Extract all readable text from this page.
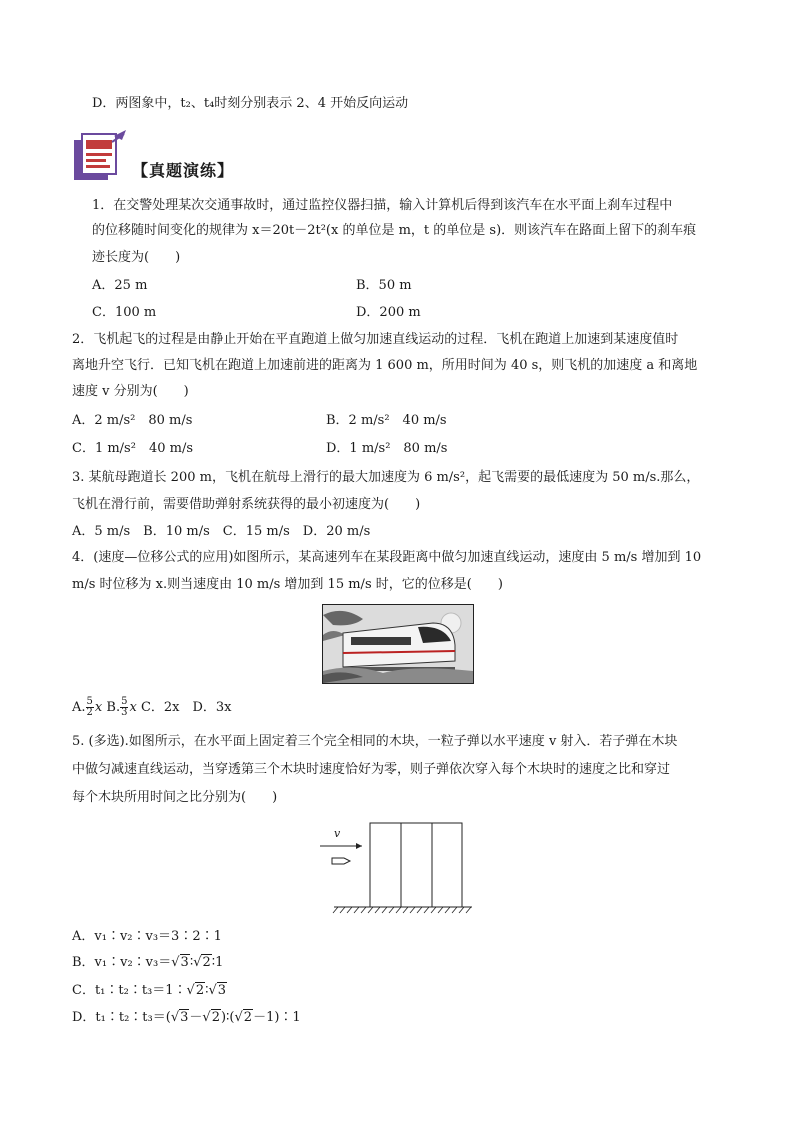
D．两图象中，t₂、t₄时刻分别表示 2、4 开始反向运动
【真题演练】
1．在交警处理某次交通事故时，通过监控仪器扫描，输入计算机后得到该汽车在水平面上刹车过程中
的位移随时间变化的规律为 x＝20t－2t²(x 的单位是 m，t 的单位是 s)．则该汽车在路面上留下的刹车痕
迹长度为(　　)
A．25 m	B．50 m
C．100 m	D．200 m
2．飞机起飞的过程是由静止开始在平直跑道上做匀加速直线运动的过程．飞机在跑道上加速到某速度值时
离地升空飞行．已知飞机在跑道上加速前进的距离为 1 600 m，所用时间为 40 s，则飞机的加速度 a 和离地
速度 v 分别为(　　)
A．2 m/s²　80 m/s	B．2 m/s²　40 m/s
C．1 m/s²　40 m/s	D．1 m/s²　80 m/s
3. 某航母跑道长 200 m，飞机在航母上滑行的最大加速度为 6 m/s²，起飞需要的最低速度为 50 m/s.那么，
飞机在滑行前，需要借助弹射系统获得的最小初速度为(　　)
A．5 m/s　B．10 m/s　C．15 m/s　D．20 m/s
4．(速度—位移公式的应用)如图所示，某高速列车在某段距离中做匀加速直线运动，速度由 5 m/s 增加到 10
m/s 时位移为 x.则当速度由 10 m/s 增加到 15 m/s 时，它的位移是(　　)
A. $\frac{5}{2}$ x B. $\frac{5}{3}$ x C．2x　D．3x
5. (多选).如图所示，在水平面上固定着三个完全相同的木块，一粒子弹以水平速度 v 射入．若子弹在木块
中做匀减速直线运动，当穿透第三个木块时速度恰好为零，则子弹依次穿入每个木块时的速度之比和穿过
每个木块所用时间之比分别为(　　)
v
A．v₁∶v₂∶v₃＝3∶2∶1
B．v₁∶v₂∶v₃＝√3∶√2∶1
C．t₁∶t₂∶t₃＝1∶√2∶√3
D．t₁∶t₂∶t₃＝(√3－√2)∶(√2－1)∶1
